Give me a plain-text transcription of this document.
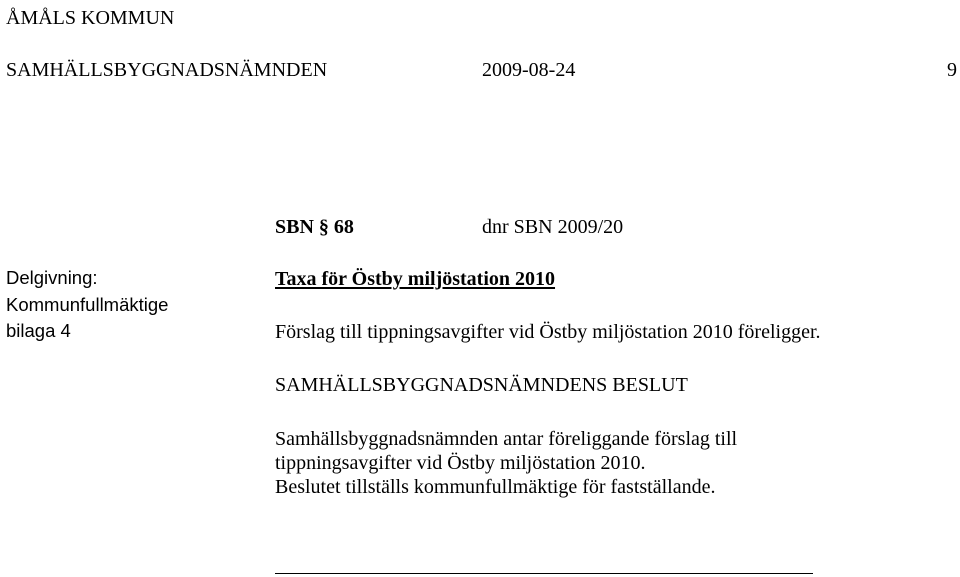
ÅMÅLS KOMMUN
SAMHÄLLSBYGGNADSNÄMNDEN	2009-08-24	9
SBN § 68	dnr SBN 2009/20
Delgivning:
Kommunfullmäktige
bilaga 4
Taxa för Östby miljöstation 2010
Förslag till tippningsavgifter vid Östby miljöstation 2010 föreligger.
SAMHÄLLSBYGGNADSNÄMNDENS BESLUT
Samhällsbyggnadsnämnden antar föreliggande förslag till
tippningsavgifter vid Östby miljöstation 2010.
Beslutet tillställs kommunfullmäktige för fastställande.
